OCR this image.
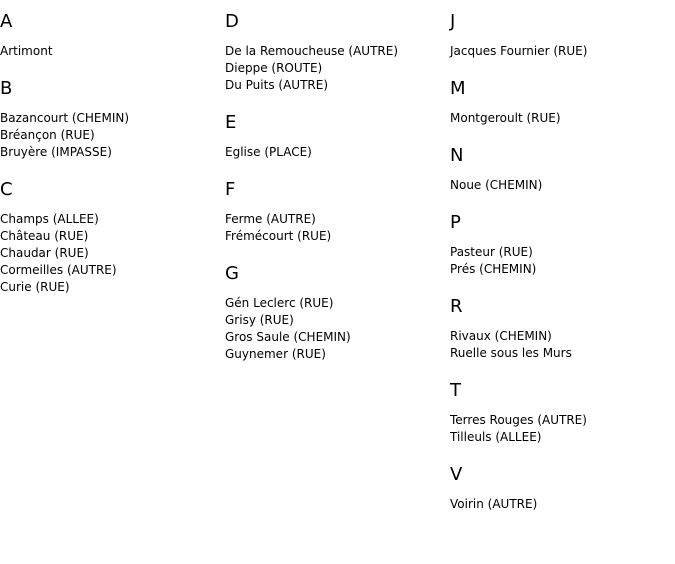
A
Artimont
B
Bazancourt (CHEMIN)
Bréançon (RUE)
Bruyère (IMPASSE)
C
Champs (ALLEE)
Château (RUE)
Chaudar (RUE)
Cormeilles (AUTRE)
Curie (RUE)
D
De la Remoucheuse (AUTRE)
Dieppe (ROUTE)
Du Puits (AUTRE)
E
Eglise (PLACE)
F
Ferme (AUTRE)
Frémécourt (RUE)
G
Gén Leclerc (RUE)
Grisy (RUE)
Gros Saule (CHEMIN)
Guynemer (RUE)
J
Jacques Fournier (RUE)
M
Montgeroult (RUE)
N
Noue (CHEMIN)
P
Pasteur (RUE)
Prés (CHEMIN)
R
Rivaux (CHEMIN)
Ruelle sous les Murs
T
Terres Rouges (AUTRE)
Tilleuls (ALLEE)
V
Voirin (AUTRE)
